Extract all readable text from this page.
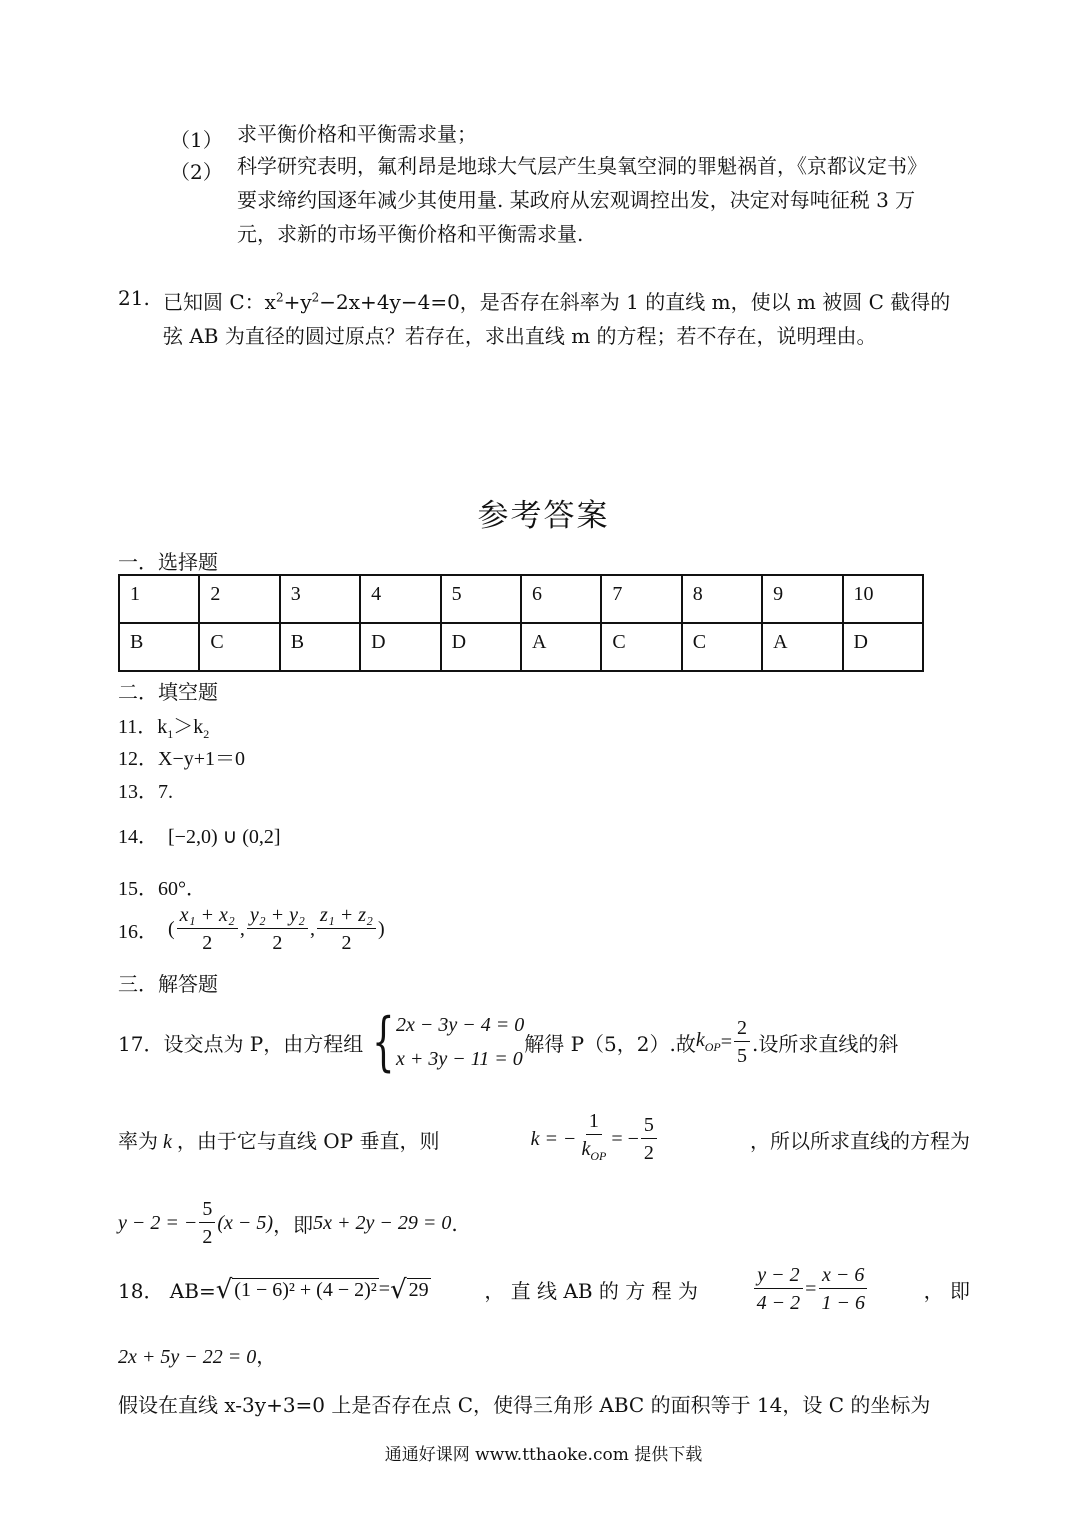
（1） 求平衡价格和平衡需求量；
（2） 科学研究表明，氟利昂是地球大气层产生臭氧空洞的罪魁祸首，《京都议定书》
要求缔约国逐年减少其使用量. 某政府从宏观调控出发，决定对每吨征税 3 万
元，求新的市场平衡价格和平衡需求量.
21. 已知圆 C：$x^2+y^2-2x+4y-4=0$，是否存在斜率为 1 的直线 m，使以 m 被圆 C 截得的
弦 AB 为直径的圆过原点？若存在，求出直线 m 的方程；若不存在，说明理由。
参考答案
一．选择题
1	2	3	4	5	6	7	8	9	10
B	C	B	D	D	A	C	C	A	D
二．填空题
11．$k_1>k_2$
12．X−y+1＝0
13．7.
14． [−2,0) ∪ (0,2]
15．60°．
16． ( $\frac{\text{x₁ + x₂}}{2}$ , $\frac{\text{y₂ + y₂}}{2}$ , $\frac{\text{z₁ + z₂}}{2}$ )
三．解答题
17．设交点为 P，由方程组 { 2x − 3y − 4 = 0
x + 3y − 11 = 0
解得 P（5，2）.故 $k_{OP} = \frac{2}{5}$ .设所求直线的斜
率为 k ，由于它与直线 OP 垂直，则	k = − $\frac{1}{k_{OP}}$ = − $\frac{5}{2}$	，所以所求直线的方程为
y − 2 = − $\frac{5}{2} (x - 5)$ ，即 5x + 2y − 29 = 0 .
18． AB= √ (1 − 6)² + (4 − 2)² = √ 29	， 直 线 AB 的 方 程 为	$\frac{y - 2}{4 - 2} = \frac{x - 6}{1 - 6}$	， 即
2x + 5y − 22 = 0，
假设在直线 x-3y+3=0 上是否存在点 C，使得三角形 ABC 的面积等于 14，设 C 的坐标为
通通好课网 www.tthaoke.com 提供下载
